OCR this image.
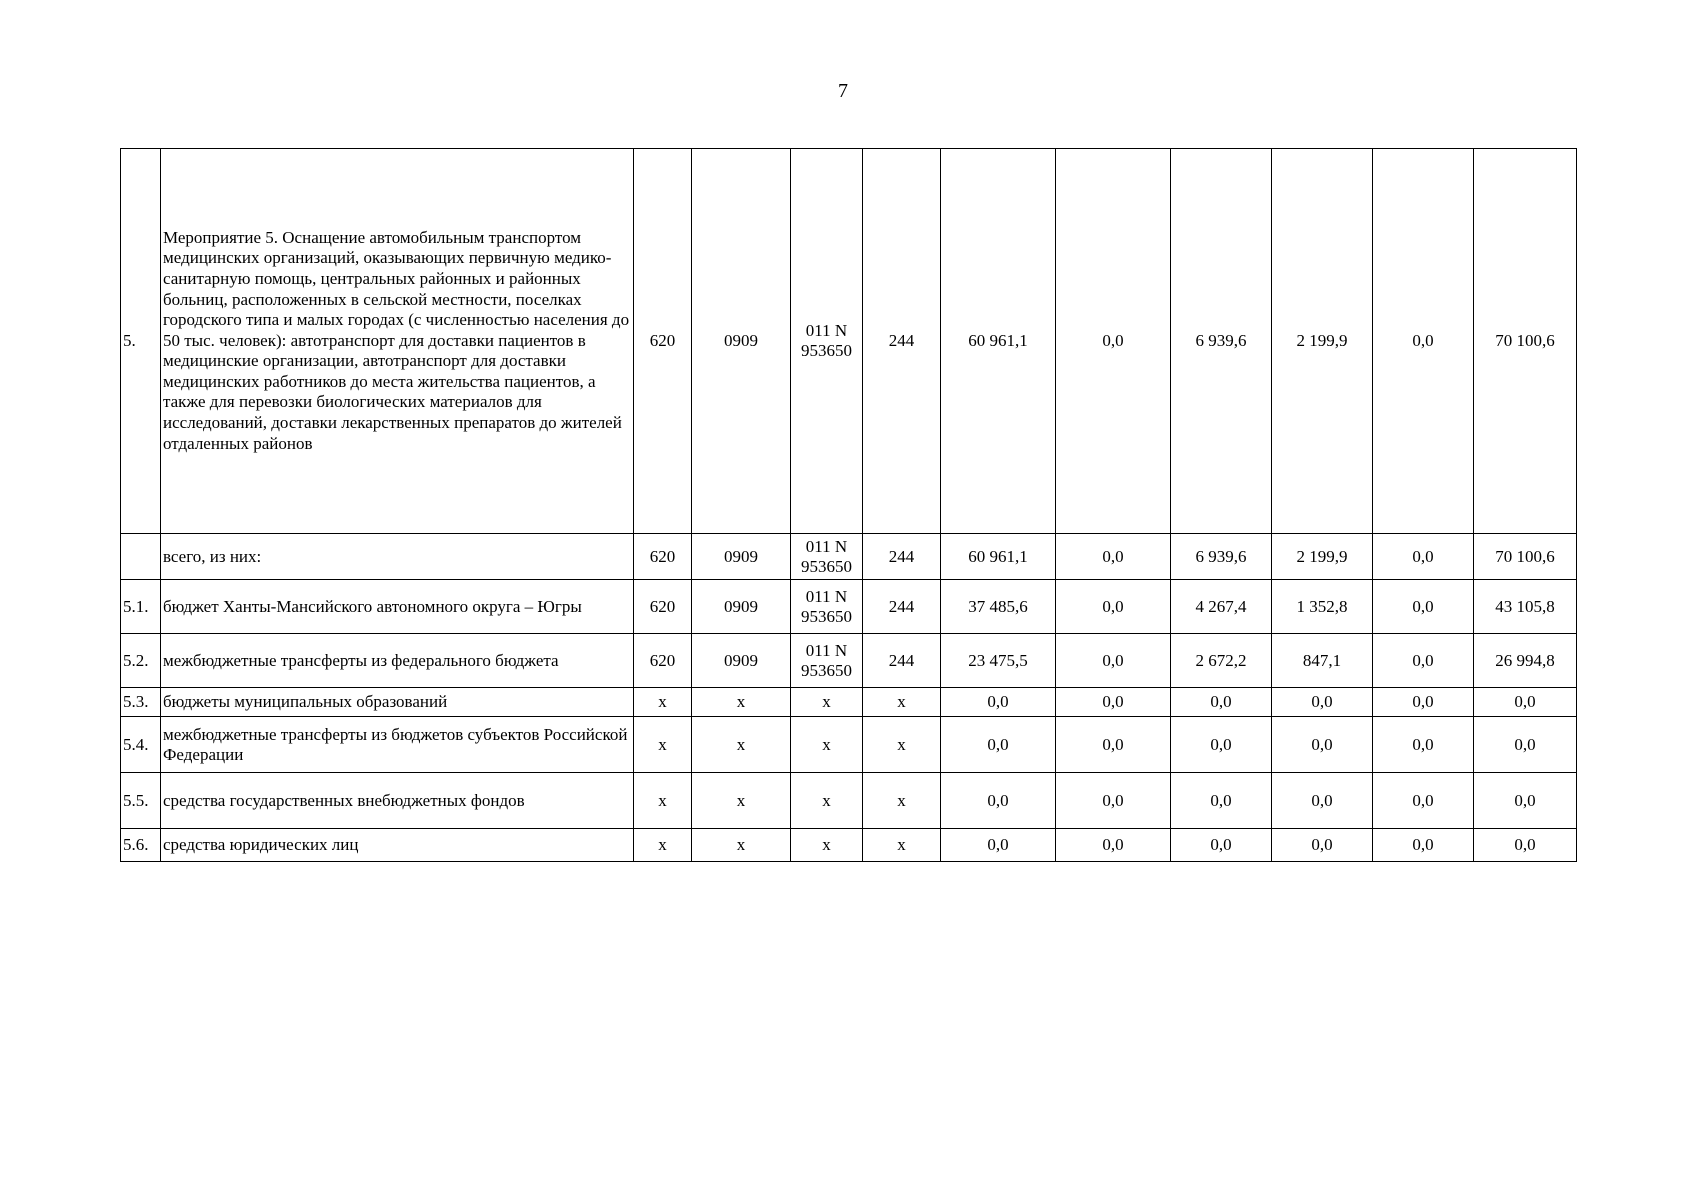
7
5.	Мероприятие 5. Оснащение автомобильным транспортом медицинских организаций, оказывающих первичную медико-санитарную помощь, центральных районных и районных больниц, расположенных в сельской местности, поселках городского типа и малых городах (с численностью населения до 50 тыс. человек): автотранспорт для доставки пациентов в медицинские организации, автотранспорт для доставки медицинских работников до места жительства пациентов, а также для перевозки биологических материалов для исследований, доставки лекарственных препаратов до жителей отдаленных районов	620	0909	011 N
953650	244	60 961,1	0,0	6 939,6	2 199,9	0,0	70 100,6
	всего, из них:	620	0909	011 N
953650	244	60 961,1	0,0	6 939,6	2 199,9	0,0	70 100,6
5.1.	бюджет Ханты-Мансийского автономного округа – Югры	620	0909	011 N
953650	244	37 485,6	0,0	4 267,4	1 352,8	0,0	43 105,8
5.2.	межбюджетные трансферты из федерального бюджета	620	0909	011 N
953650	244	23 475,5	0,0	2 672,2	847,1	0,0	26 994,8
5.3.	бюджеты муниципальных образований	x	x	x	x	0,0	0,0	0,0	0,0	0,0	0,0
5.4.	межбюджетные трансферты из бюджетов субъектов Российской Федерации	x	x	x	x	0,0	0,0	0,0	0,0	0,0	0,0
5.5.	средства государственных внебюджетных фондов	x	x	x	x	0,0	0,0	0,0	0,0	0,0	0,0
5.6.	средства юридических лиц	x	x	x	x	0,0	0,0	0,0	0,0	0,0	0,0
